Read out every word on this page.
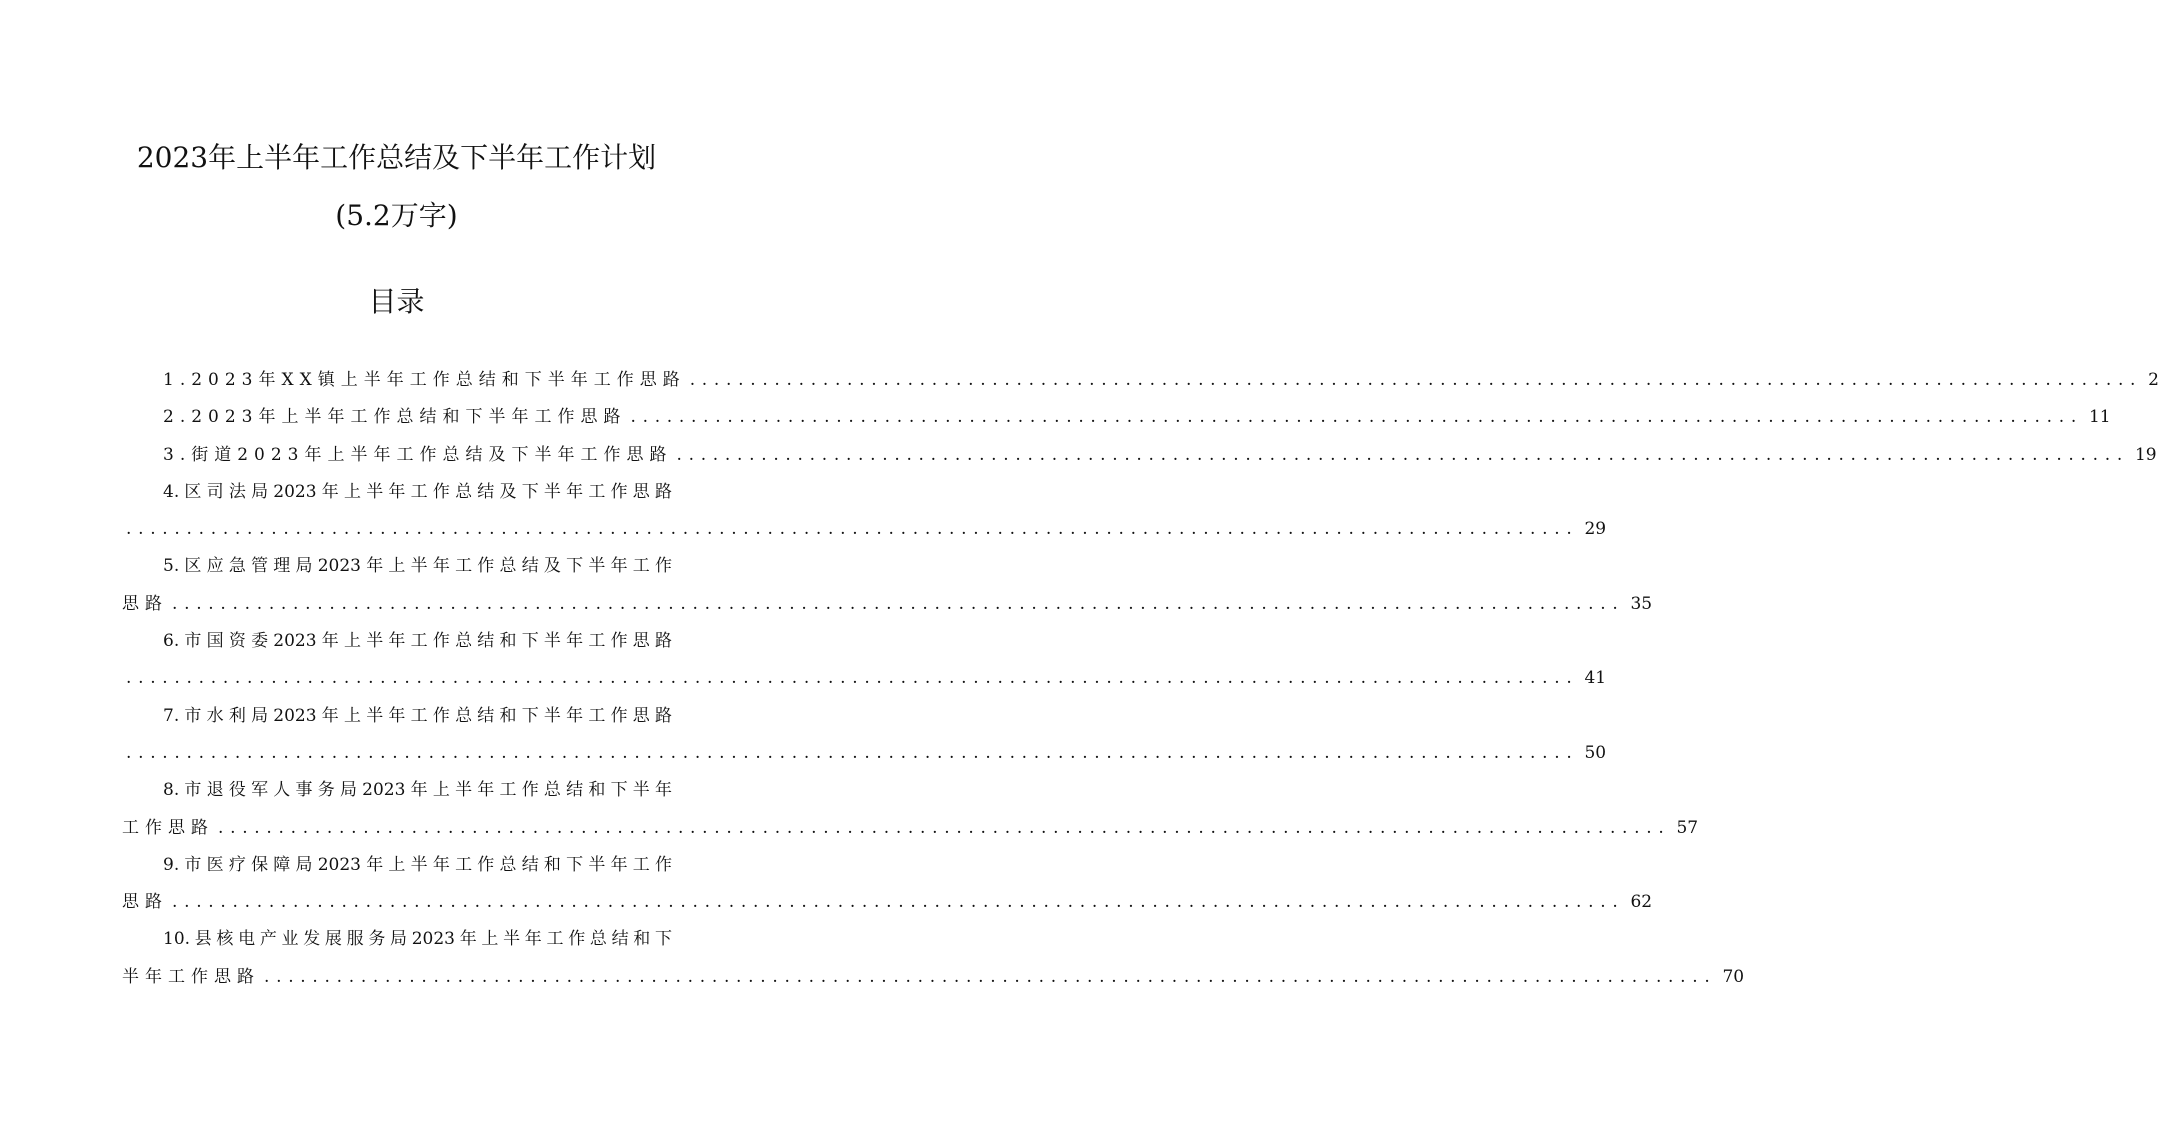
2023年上半年工作总结及下半年工作计划
(5.2万字)
目录
1.2023年XX镇上半年工作总结和下半年工作思路 ........................................................................................................................ 2
2.2023年上半年工作总结和下半年工作思路 ........................................................................................................................ 11
3.街道2023年上半年工作总结及下半年工作思路 ........................................................................................................................ 19
4.区司法局2023年上半年工作总结及下半年工作思路
........................................................................................................................ 29
5.区应急管理局2023年上半年工作总结及下半年工作
思路 ........................................................................................................................ 35
6.市国资委2023年上半年工作总结和下半年工作思路
........................................................................................................................ 41
7.市水利局2023年上半年工作总结和下半年工作思路
........................................................................................................................ 50
8.市退役军人事务局2023年上半年工作总结和下半年
工作思路 ........................................................................................................................ 57
9.市医疗保障局2023年上半年工作总结和下半年工作
思路 ........................................................................................................................ 62
10.县核电产业发展服务局2023年上半年工作总结和下
半年工作思路 ........................................................................................................................ 70
